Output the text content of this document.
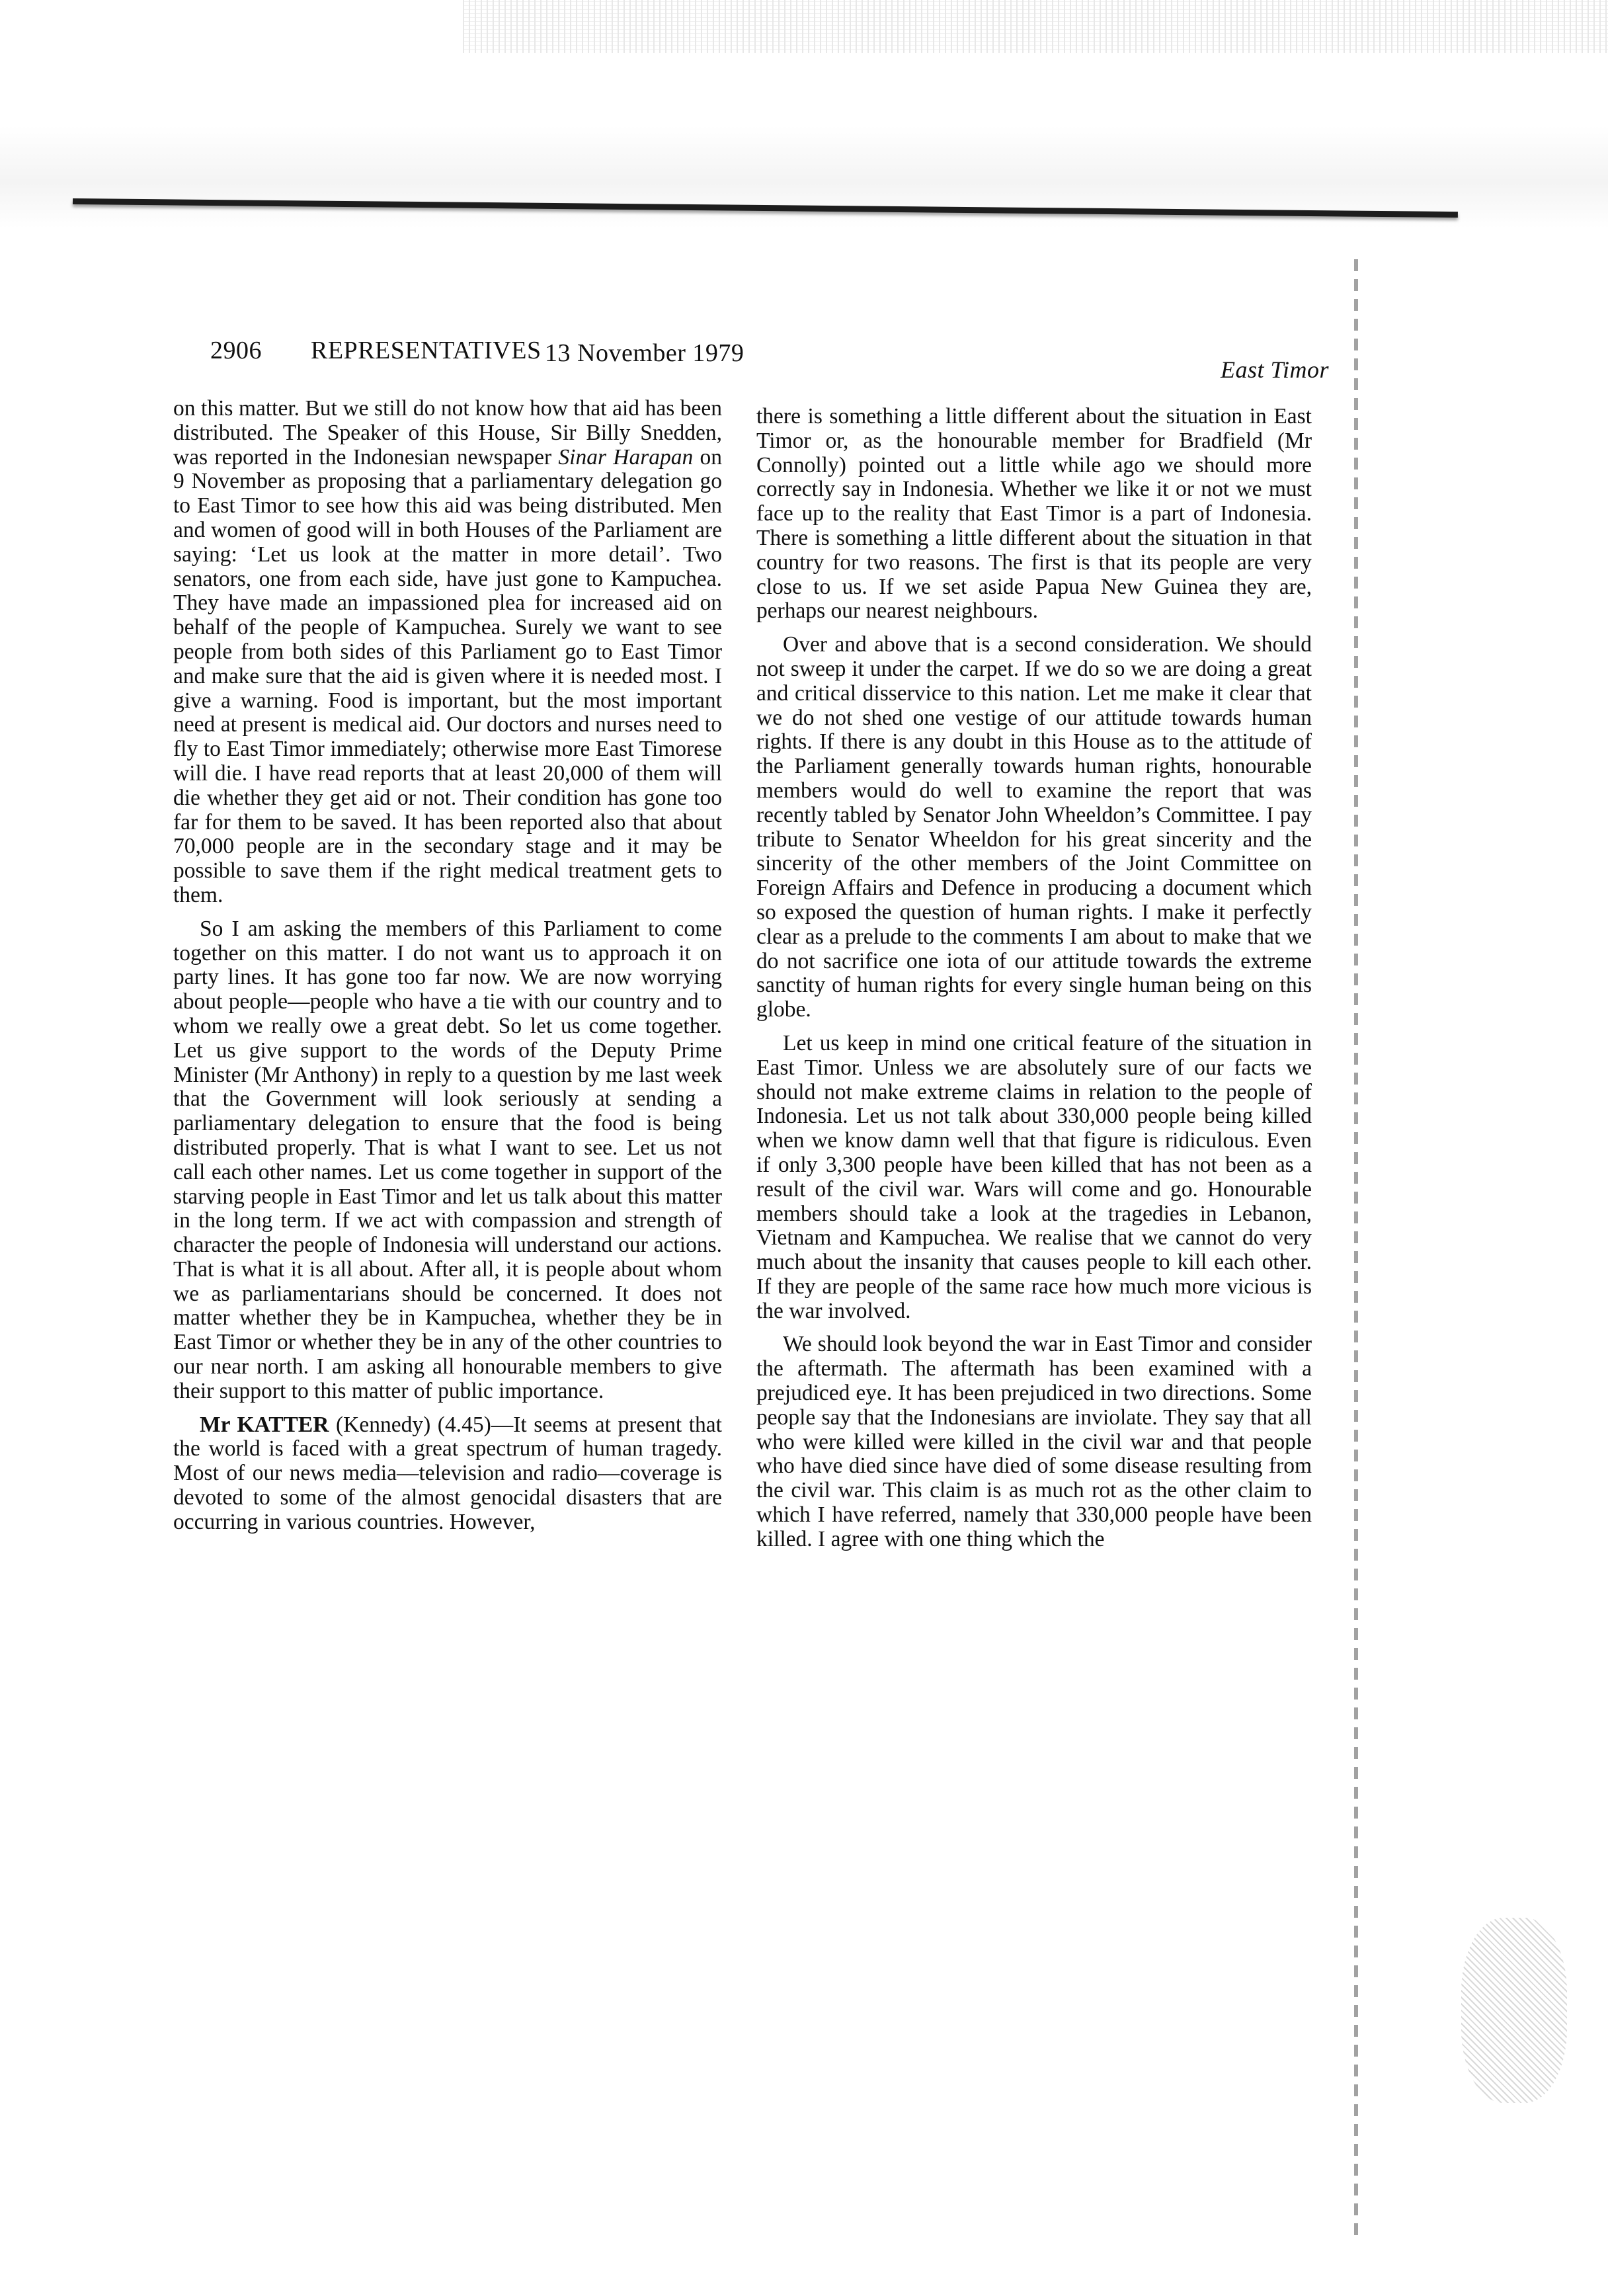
2906 REPRESENTATIVES 13 November 1979
East Timor

on this matter. But we still do not know how that aid has been distributed. The Speaker of this House, Sir Billy Snedden, was reported in the Indonesian newspaper Sinar Harapan on 9 November as proposing that a parliamentary delegation go to East Timor to see how this aid was being distributed. Men and women of good will in both Houses of the Parliament are saying: ‘Let us look at the matter in more detail’. Two senators, one from each side, have just gone to Kampuchea. They have made an impassioned plea for increased aid on behalf of the people of Kampuchea. Surely we want to see people from both sides of this Parliament go to East Timor and make sure that the aid is given where it is needed most. I give a warning. Food is important, but the most important need at present is medical aid. Our doctors and nurses need to fly to East Timor immediately; otherwise more East Timorese will die. I have read reports that at least 20,000 of them will die whether they get aid or not. Their condition has gone too far for them to be saved. It has been reported also that about 70,000 people are in the secondary stage and it may be possible to save them if the right medical treatment gets to them.

So I am asking the members of this Parliament to come together on this matter. I do not want us to approach it on party lines. It has gone too far now. We are now worrying about people—people who have a tie with our country and to whom we really owe a great debt. So let us come together. Let us give support to the words of the Deputy Prime Minister (Mr Anthony) in reply to a question by me last week that the Government will look seriously at sending a parliamentary delegation to ensure that the food is being distributed properly. That is what I want to see. Let us not call each other names. Let us come together in support of the starving people in East Timor and let us talk about this matter in the long term. If we act with compassion and strength of character the people of Indonesia will understand our actions. That is what it is all about. After all, it is people about whom we as parliamentarians should be concerned. It does not matter whether they be in Kampuchea, whether they be in East Timor or whether they be in any of the other countries to our near north. I am asking all honourable members to give their support to this matter of public importance.

Mr KATTER (Kennedy) (4.45)—It seems at present that the world is faced with a great spectrum of human tragedy. Most of our news media—television and radio—coverage is devoted to some of the almost genocidal disasters that are occurring in various countries. However,

there is something a little different about the situation in East Timor or, as the honourable member for Bradfield (Mr Connolly) pointed out a little while ago we should more correctly say in Indonesia. Whether we like it or not we must face up to the reality that East Timor is a part of Indonesia. There is something a little different about the situation in that country for two reasons. The first is that its people are very close to us. If we set aside Papua New Guinea they are, perhaps our nearest neighbours.

Over and above that is a second consideration. We should not sweep it under the carpet. If we do so we are doing a great and critical disservice to this nation. Let me make it clear that we do not shed one vestige of our attitude towards human rights. If there is any doubt in this House as to the attitude of the Parliament generally towards human rights, honourable members would do well to examine the report that was recently tabled by Senator John Wheeldon’s Committee. I pay tribute to Senator Wheeldon for his great sincerity and the sincerity of the other members of the Joint Committee on Foreign Affairs and Defence in producing a document which so exposed the question of human rights. I make it perfectly clear as a prelude to the comments I am about to make that we do not sacrifice one iota of our attitude towards the extreme sanctity of human rights for every single human being on this globe.

Let us keep in mind one critical feature of the situation in East Timor. Unless we are absolutely sure of our facts we should not make extreme claims in relation to the people of Indonesia. Let us not talk about 330,000 people being killed when we know damn well that that figure is ridiculous. Even if only 3,300 people have been killed that has not been as a result of the civil war. Wars will come and go. Honourable members should take a look at the tragedies in Lebanon, Vietnam and Kampuchea. We realise that we cannot do very much about the insanity that causes people to kill each other. If they are people of the same race how much more vicious is the war involved.

We should look beyond the war in East Timor and consider the aftermath. The aftermath has been examined with a prejudiced eye. It has been prejudiced in two directions. Some people say that the Indonesians are inviolate. They say that all who were killed were killed in the civil war and that people who have died since have died of some disease resulting from the civil war. This claim is as much rot as the other claim to which I have referred, namely that 330,000 people have been killed. I agree with one thing which the
